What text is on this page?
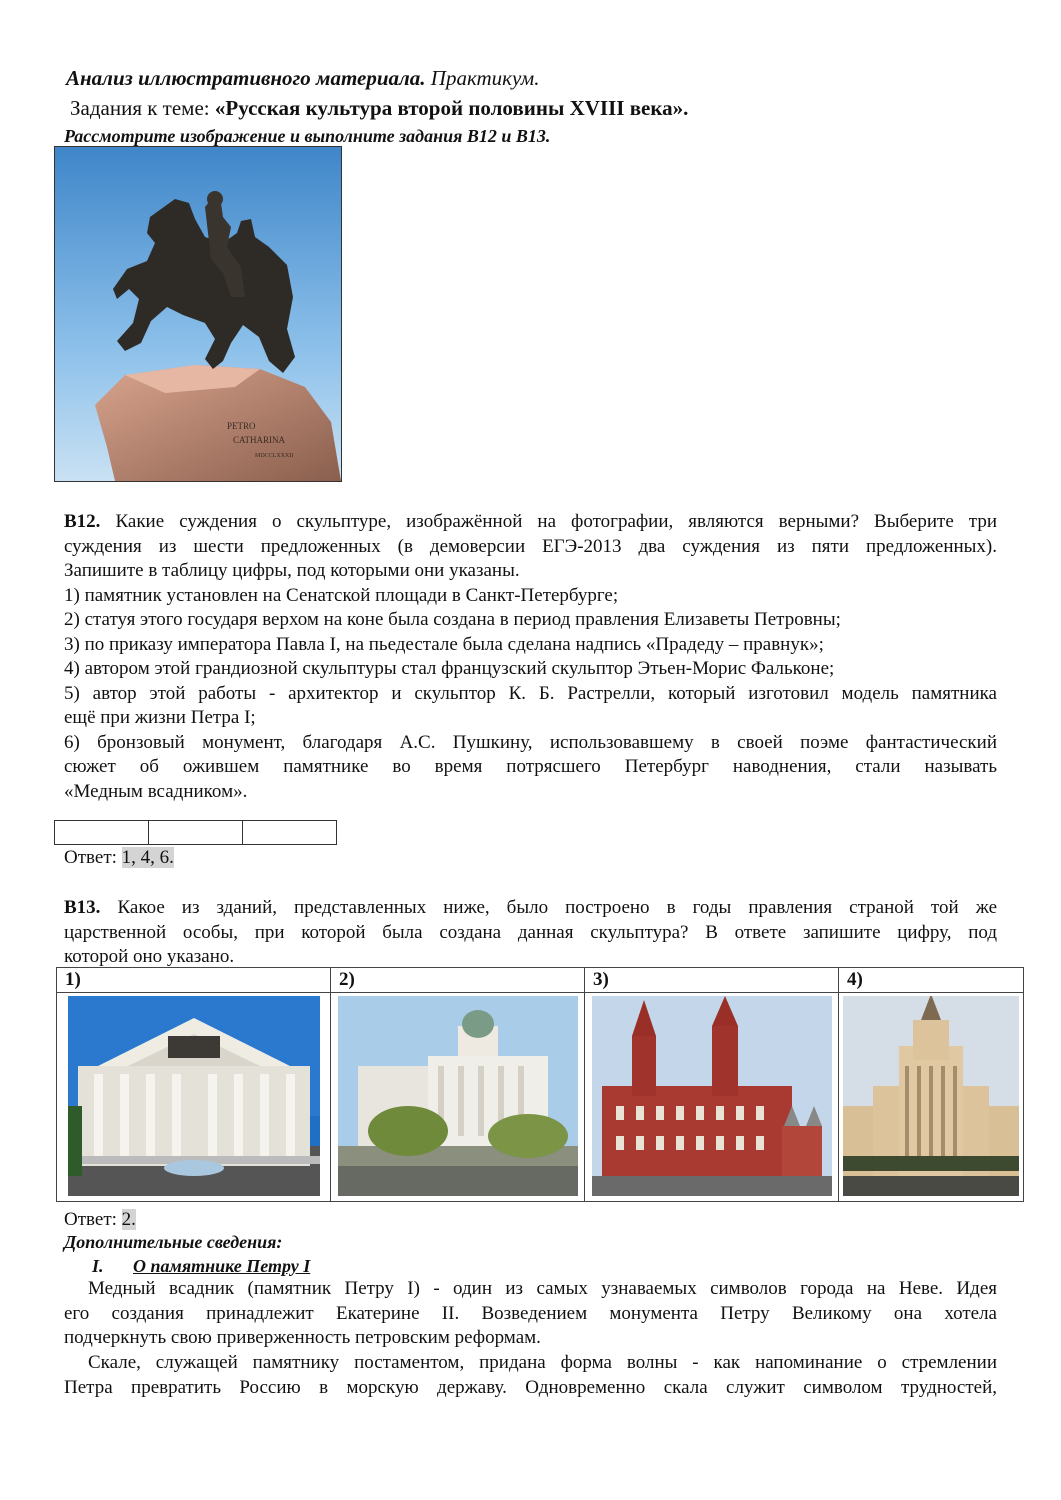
Анализ иллюстративного материала. Практикум.
Задания к теме: «Русская культура второй половины XVIII века».
Рассмотрите изображение и выполните задания В12 и В13.
PETRO
CATHARINA
MDCCLXXXII
В12. Какие суждения о скульптуре, изображённой на фотографии, являются верными? Выберите три
суждения из шести предложенных (в демоверсии ЕГЭ-2013 два суждения из пяти предложенных).
Запишите в таблицу цифры, под которыми они указаны.
1) памятник установлен на Сенатской площади в Санкт-Петербурге;
2) статуя этого государя верхом на коне была создана в период правления Елизаветы Петровны;
3) по приказу императора Павла I, на пьедестале была сделана надпись «Прадеду – правнук»;
4) автором этой грандиозной скульптуры стал французский скульптор Этьен-Морис Фальконе;
5) автор этой работы - архитектор и скульптор К. Б. Растрелли, который изготовил модель памятника
ещё при жизни Петра I;
6) бронзовый монумент, благодаря А.С. Пушкину, использовавшему в своей поэме фантастический
сюжет об ожившем памятнике во время потрясшего Петербург наводнения, стали называть
«Медным всадником».

Ответ: 1, 4, 6.
В13. Какое из зданий, представленных ниже, было построено в годы правления страной той же
царственной особы, при которой была создана данная скульптура? В ответе запишите цифру, под
которой оно указано.
1)	2)	3)	4)

Ответ: 2.
Дополнительные сведения:
I. О памятнике Петру I
Медный всадник (памятник Петру I) - один из самых узнаваемых символов города на Неве. Идея
его создания принадлежит Екатерине II. Возведением монумента Петру Великому она хотела
подчеркнуть свою приверженность петровским реформам.
Скале, служащей памятнику постаментом, придана форма волны - как напоминание о стремлении
Петра превратить Россию в морскую державу. Одновременно скала служит символом трудностей,
